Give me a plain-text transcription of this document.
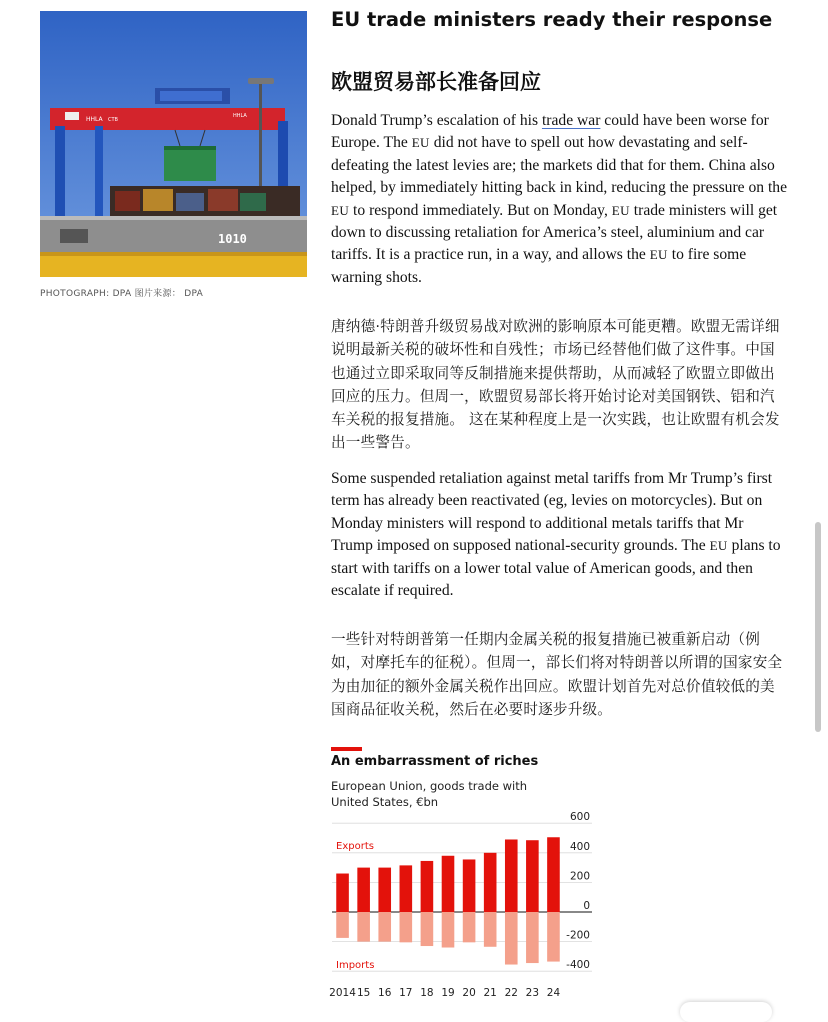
HHLA CTB
HHLA
1010
PHOTOGRAPH: DPA 图片来源： DPA
EU trade ministers ready their response
欧盟贸易部长准备回应

Donald Trump’s escalation of his trade war could have been worse for Europe. The EU did not have to spell out how devastating and self-defeating the latest levies are; the markets did that for them. China also helped, by immediately hitting back in kind, reducing the pressure on the EU to respond immediately. But on Monday, EU trade ministers will get down to discussing retaliation for America’s steel, aluminium and car tariffs. It is a practice run, in a way, and allows the EU to fire some warning shots.

唐纳德·特朗普升级贸易战对欧洲的影响原本可能更糟。欧盟无需详细说明最新关税的破坏性和自残性；市场已经替他们做了这件事。中国也通过立即采取同等反制措施来提供帮助，从而减轻了欧盟立即做出回应的压力。但周一，欧盟贸易部长将开始讨论对美国钢铁、铝和汽车关税的报复措施。 这在某种程度上是一次实践，也让欧盟有机会发出一些警告。

Some suspended retaliation against metal tariffs from Mr Trump’s first term has already been reactivated (eg, levies on motorcycles). But on Monday ministers will respond to additional metals tariffs that Mr Trump imposed on supposed national-security grounds. The EU plans to start with tariffs on a lower total value of American goods, and then escalate if required.

一些针对特朗普第一任期内金属关税的报复措施已被重新启动（例如，对摩托车的征税）。但周一，部长们将对特朗普以所谓的国家安全为由加征的额外金属关税作出回应。欧盟计划首先对总价值较低的美国商品征收关税，然后在必要时逐步升级。

An embarrassment of riches
European Union, goods trade with United States, €bn
600
400
200
0
-200
-400
2014 15 16 17 18 19 20 21 22 23 24
Exports
Imports
